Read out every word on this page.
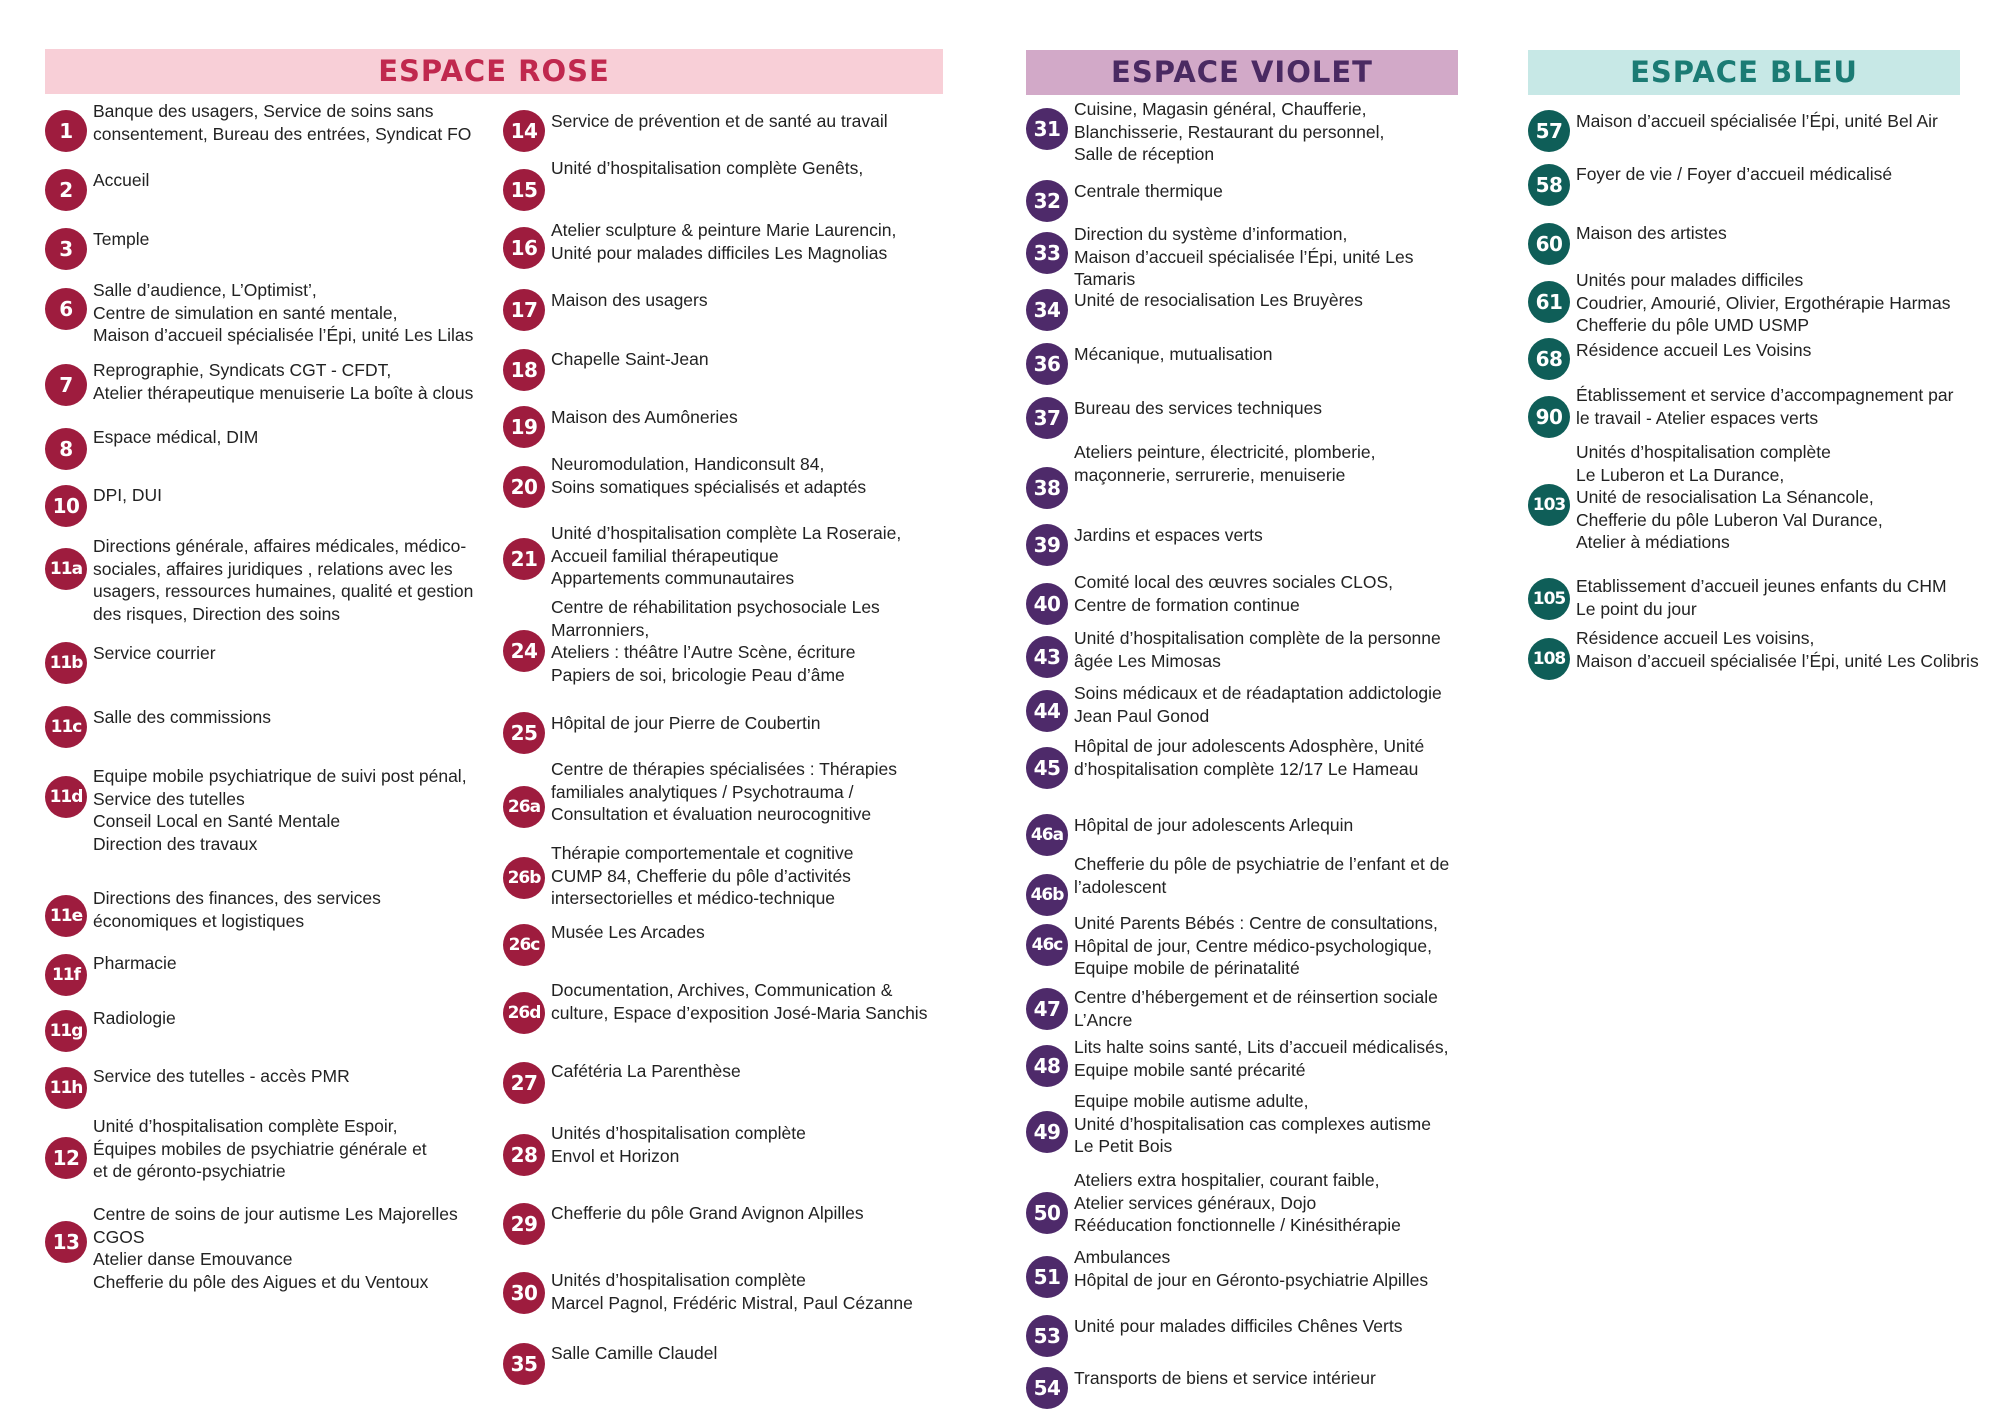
ESPACE ROSE	ESPACE VIOLET	ESPACE BLEU
1
Banque des usagers, Service de soins sans
consentement, Bureau des entrées, Syndicat FO
2	Accueil
3	Temple
6
Salle d’audience, L’Optimist’,
Centre de simulation en santé mentale,
Maison d’accueil spécialisée l’Épi, unité Les Lilas
7
Reprographie, Syndicats CGT - CFDT,
Atelier thérapeutique menuiserie La boîte à clous
8	Espace médical, DIM
10 DPI, DUI
11a
Directions générale, affaires médicales, médico-
sociales, affaires juridiques , relations avec les
usagers, ressources humaines, qualité et gestion
des risques, Direction des soins
11b Service courrier
11c Salle des commissions
11d
Equipe mobile psychiatrique de suivi post pénal,
Service des tutelles
Conseil Local en Santé Mentale
Direction des travaux
11e
Directions des finances, des services
économiques et logistiques
11f
Pharmacie
11g
Radiologie
11h
Service des tutelles - accès PMR
12
Unité d’hospitalisation complète Espoir,
Équipes mobiles de psychiatrie générale et
et de géronto-psychiatrie
13
Centre de soins de jour autisme Les Majorelles
CGOS
Atelier danse Emouvance
Chefferie du pôle des Aigues et du Ventoux
14 Service de prévention et de santé au travail
15
Unité d’hospitalisation complète Genêts,
16
Atelier sculpture & peinture Marie Laurencin,
Unité pour malades difficiles Les Magnolias
17 Maison des usagers
18 Chapelle Saint-Jean
19 Maison des Aumôneries
20
Neuromodulation, Handiconsult 84,
Soins somatiques spécialisés et adaptés
21
Unité d’hospitalisation complète La Roseraie,
Accueil familial thérapeutique
Appartements communautaires
24
Centre de réhabilitation psychosociale Les
Marronniers,
Ateliers : théâtre l’Autre Scène, écriture
Papiers de soi, bricologie Peau d’âme
25 Hôpital de jour Pierre de Coubertin
26a
Centre de thérapies spécialisées : Thérapies
familiales analytiques / Psychotrauma /
Consultation et évaluation neurocognitive
26b
Thérapie comportementale et cognitive
CUMP 84, Chefferie du pôle d’activités
intersectorielles et médico-technique
26c
Musée Les Arcades
26d
Documentation, Archives, Communication &
culture, Espace d’exposition José-Maria Sanchis
27 Cafétéria La Parenthèse
28
Unités d’hospitalisation complète
Envol et Horizon
29 Chefferie du pôle Grand Avignon Alpilles
30
Unités d’hospitalisation complète
Marcel Pagnol, Frédéric Mistral, Paul Cézanne
35 Salle Camille Claudel
31
Cuisine, Magasin général, Chaufferie,
Blanchisserie, Restaurant du personnel,
Salle de réception
32 Centrale thermique
33
Direction du système d’information,
Maison d’accueil spécialisée l’Épi, unité Les
Tamaris
34 Unité de resocialisation Les Bruyères
36 Mécanique, mutualisation
37 Bureau des services techniques
38
Ateliers peinture, électricité, plomberie,
maçonnerie, serrurerie, menuiserie
39 Jardins et espaces verts
40
Comité local des œuvres sociales CLOS,
Centre de formation continue
43
Unité d’hospitalisation complète de la personne
âgée Les Mimosas
44
Soins médicaux et de réadaptation addictologie
Jean Paul Gonod
45
Hôpital de jour adolescents Adosphère, Unité
d’hospitalisation complète 12/17 Le Hameau
46a Hôpital de jour adolescents Arlequin
46b
Chefferie du pôle de psychiatrie de l’enfant et de
l’adolescent
46c
Unité Parents Bébés : Centre de consultations,
Hôpital de jour, Centre médico-psychologique,
Equipe mobile de périnatalité
47 Centre d’hébergement et de réinsertion sociale
L’Ancre
48
Lits halte soins santé, Lits d’accueil médicalisés,
Equipe mobile santé précarité
49
Equipe mobile autisme adulte,
Unité d’hospitalisation cas complexes autisme
Le Petit Bois
50
Ateliers extra hospitalier, courant faible,
Atelier services généraux, Dojo
Rééducation fonctionnelle / Kinésithérapie
51
Ambulances
Hôpital de jour en Géronto-psychiatrie Alpilles
53 Unité pour malades difficiles Chênes Verts
54 Transports de biens et service intérieur
57 Maison d’accueil spécialisée l’Épi, unité Bel Air
58 Foyer de vie / Foyer d’accueil médicalisé
60 Maison des artistes
61
Unités pour malades difficiles
Coudrier, Amourié, Olivier, Ergothérapie Harmas
Chefferie du pôle UMD USMP
68 Résidence accueil Les Voisins
90
Établissement et service d’accompagnement par
le travail - Atelier espaces verts
103
Unités d’hospitalisation complète
Le Luberon et La Durance,
Unité de resocialisation La Sénancole,
Chefferie du pôle Luberon Val Durance,
Atelier à médiations
105
Etablissement d’accueil jeunes enfants du CHM
Le point du jour
108
Résidence accueil Les voisins,
Maison d’accueil spécialisée l’Épi, unité Les Colibris
